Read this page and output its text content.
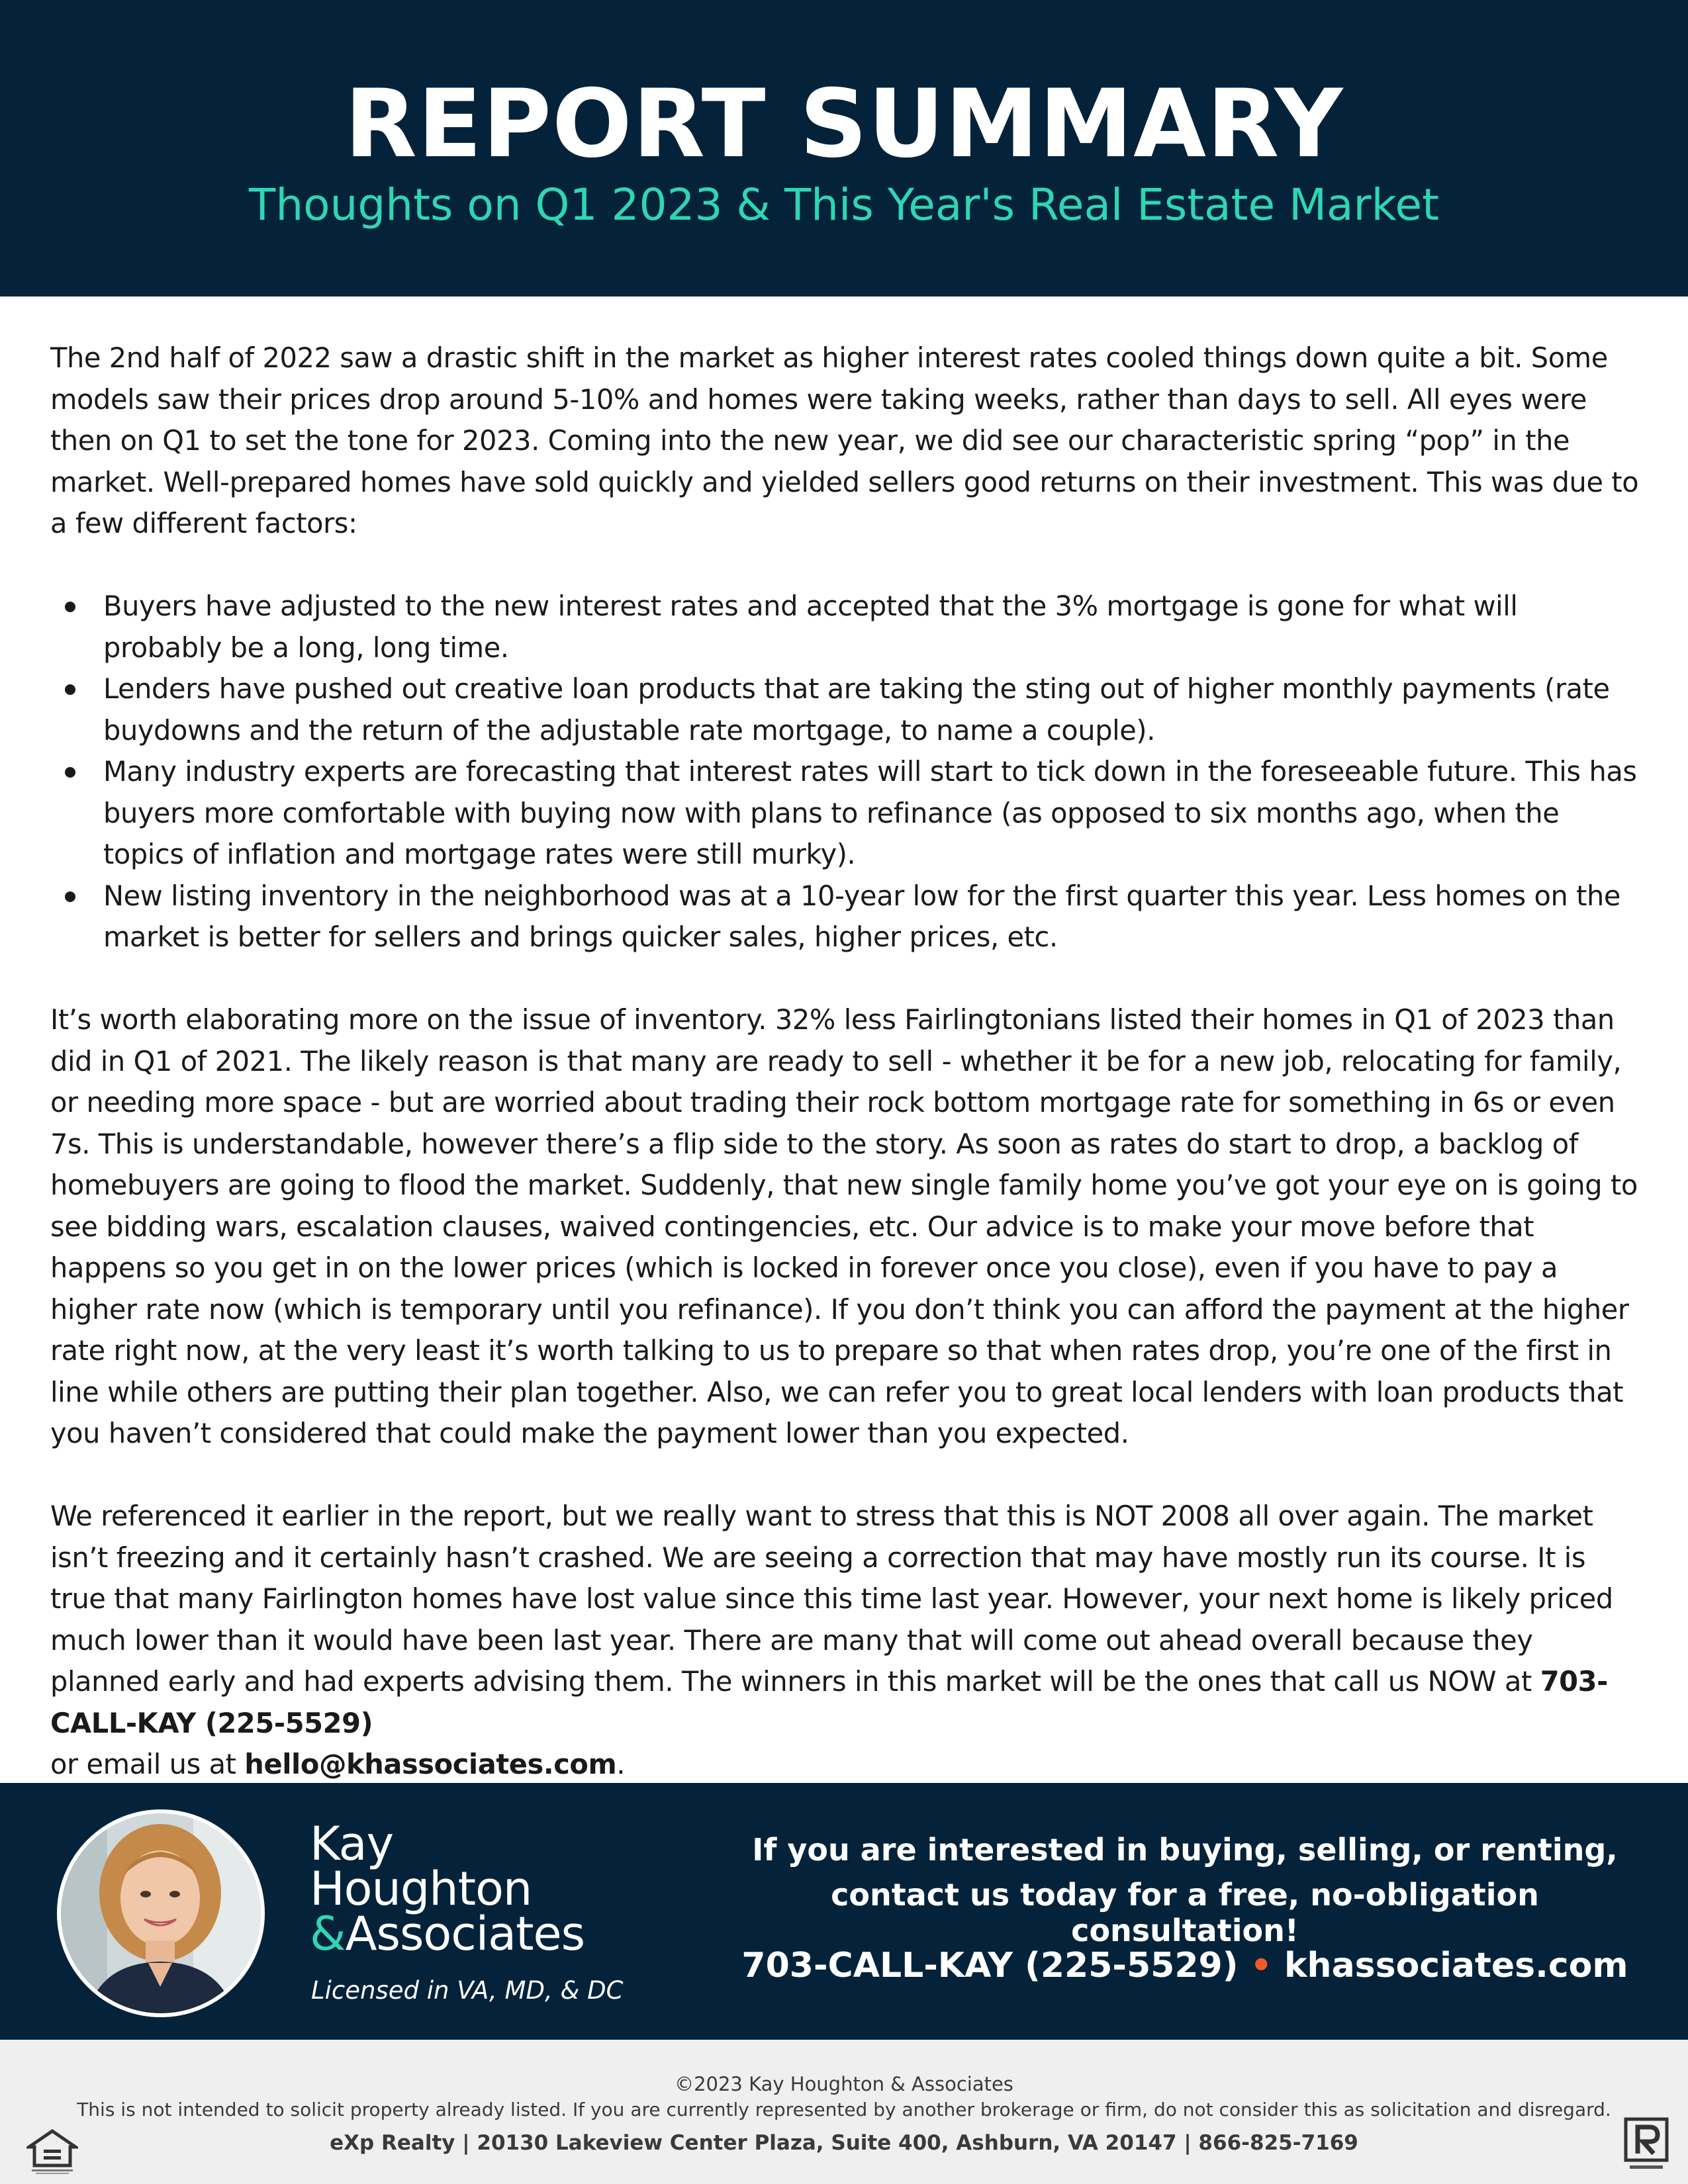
REPORT SUMMARY
Thoughts on Q1 2023 & This Year's Real Estate Market

The 2nd half of 2022 saw a drastic shift in the market as higher interest rates cooled things down quite a bit. Some models saw their prices drop around 5-10% and homes were taking weeks, rather than days to sell. All eyes were then on Q1 to set the tone for 2023. Coming into the new year, we did see our characteristic spring “pop” in the market. Well-prepared homes have sold quickly and yielded sellers good returns on their investment. This was due to a few different factors:

Buyers have adjusted to the new interest rates and accepted that the 3% mortgage is gone for what will probably be a long, long time.
Lenders have pushed out creative loan products that are taking the sting out of higher monthly payments (rate buydowns and the return of the adjustable rate mortgage, to name a couple).
Many industry experts are forecasting that interest rates will start to tick down in the foreseeable future. This has buyers more comfortable with buying now with plans to refinance (as opposed to six months ago, when the topics of inflation and mortgage rates were still murky).
New listing inventory in the neighborhood was at a 10-year low for the first quarter this year. Less homes on the market is better for sellers and brings quicker sales, higher prices, etc.

It’s worth elaborating more on the issue of inventory. 32% less Fairlingtonians listed their homes in Q1 of 2023 than did in Q1 of 2021. The likely reason is that many are ready to sell - whether it be for a new job, relocating for family, or needing more space - but are worried about trading their rock bottom mortgage rate for something in 6s or even 7s. This is understandable, however there’s a flip side to the story. As soon as rates do start to drop, a backlog of homebuyers are going to flood the market. Suddenly, that new single family home you’ve got your eye on is going to see bidding wars, escalation clauses, waived contingencies, etc. Our advice is to make your move before that happens so you get in on the lower prices (which is locked in forever once you close), even if you have to pay a higher rate now (which is temporary until you refinance). If you don’t think you can afford the payment at the higher rate right now, at the very least it’s worth talking to us to prepare so that when rates drop, you’re one of the first in line while others are putting their plan together. Also, we can refer you to great local lenders with loan products that you haven’t considered that could make the payment lower than you expected.

We referenced it earlier in the report, but we really want to stress that this is NOT 2008 all over again. The market isn’t freezing and it certainly hasn’t crashed. We are seeing a correction that may have mostly run its course. It is true that many Fairlington homes have lost value since this time last year. However, your next home is likely priced much lower than it would have been last year. There are many that will come out ahead overall because they planned early and had experts advising them. The winners in this market will be the ones that call us NOW at 703-CALL-KAY (225-5529)
or email us at hello@khassociates.com.

Kay
Houghton
&Associates
Licensed in VA, MD, & DC
If you are interested in buying, selling, or renting,
contact us today for a free, no-obligation consultation!
703-CALL-KAY (225-5529) • khassociates.com
©2023 Kay Houghton & Associates
This is not intended to solicit property already listed. If you are currently represented by another brokerage or firm, do not consider this as solicitation and disregard.
eXp Realty | 20130 Lakeview Center Plaza, Suite 400, Ashburn, VA 20147 | 866-825-7169
